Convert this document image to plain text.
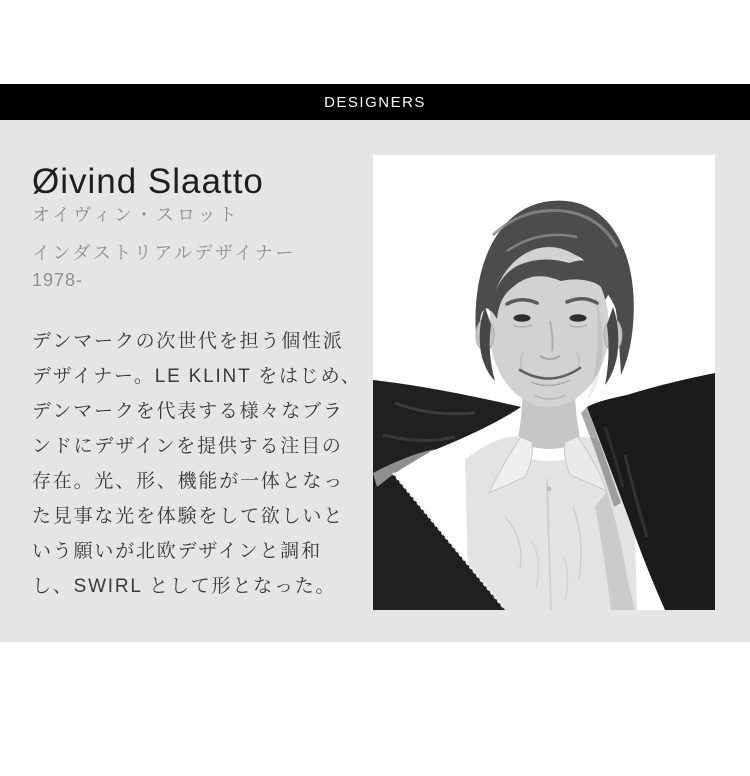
DESIGNERS
Øivind Slaatto

オイヴィン・スロット

インダストリアルデザイナー

1978-

デンマークの次世代を担う個性派
デザイナー。LE KLINT をはじめ、
デンマークを代表する様々なブラ
ンドにデザインを提供する注目の
存在。光、形、機能が一体となっ
た見事な光を体験をして欲しいと
いう願いが北欧デザインと調和
し、SWIRL として形となった。
